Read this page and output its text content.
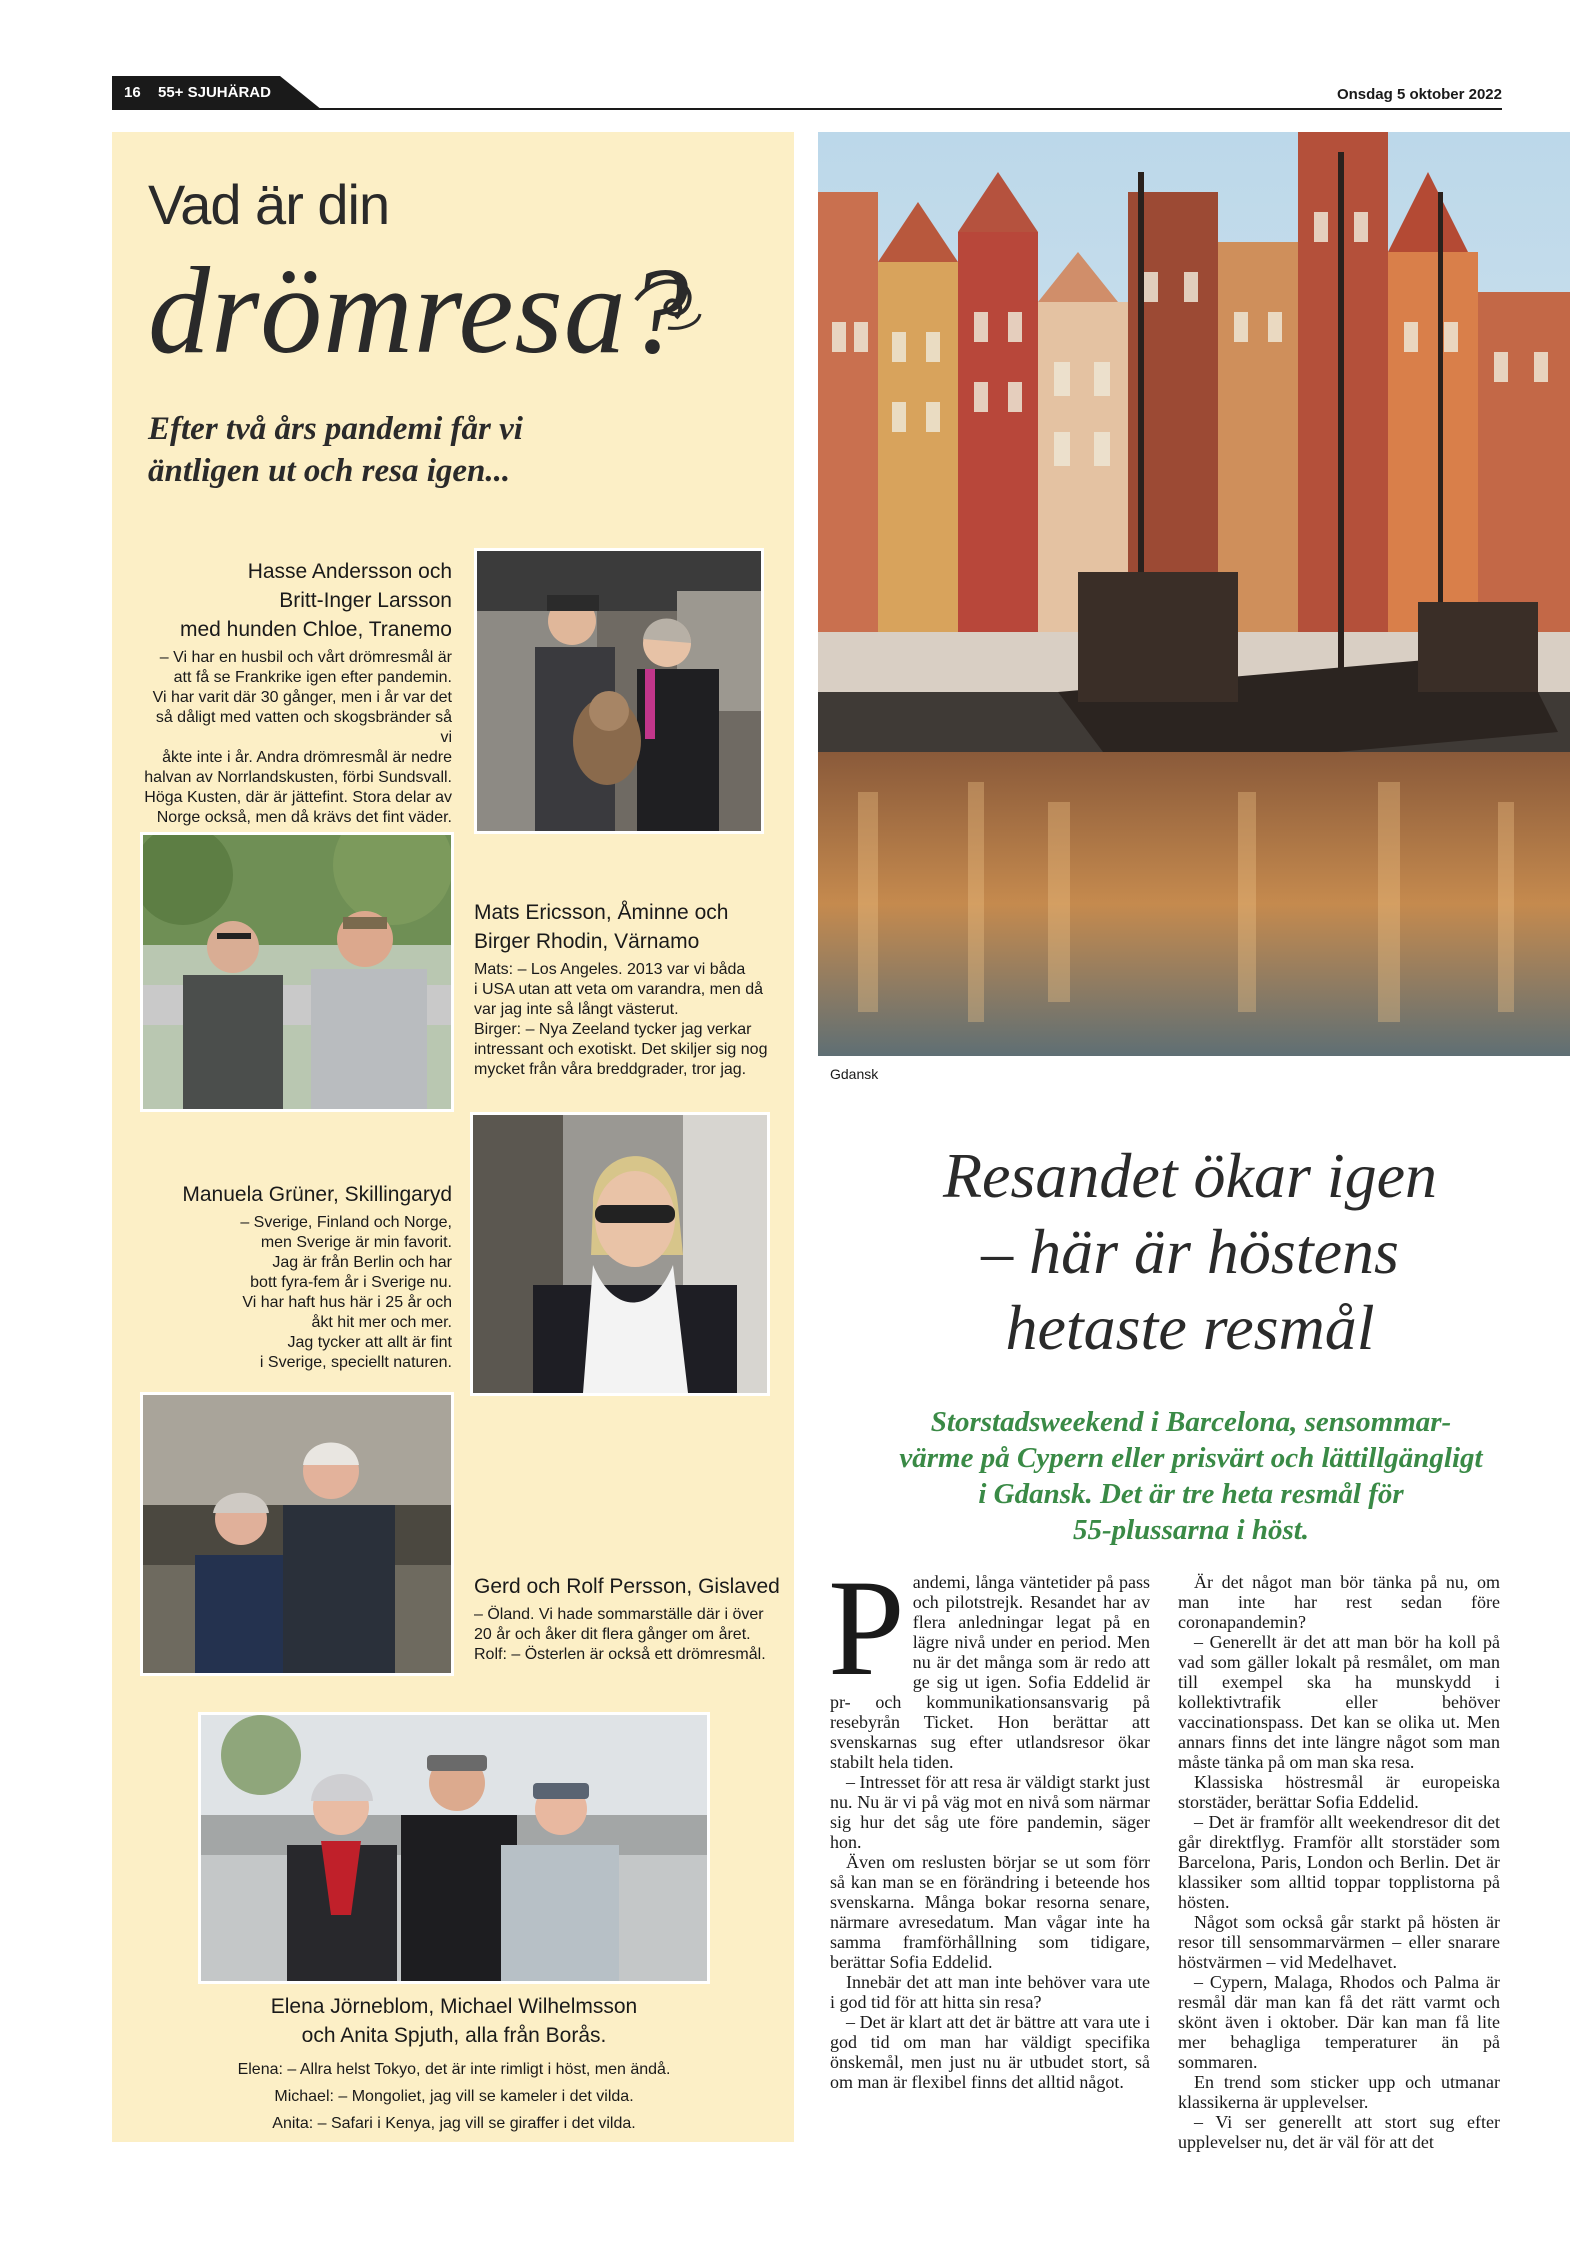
16 55+ SJUHÄRAD	Onsdag 5 oktober 2022
Vad är din
drömresa?
Efter två års pandemi får vi
äntligen ut och resa igen...
Hasse Andersson och
Britt-Inger Larsson
med hunden Chloe, Tranemo
– Vi har en husbil och vårt drömresmål är
att få se Frankrike igen efter pandemin.
Vi har varit där 30 gånger, men i år var det
så dåligt med vatten och skogsbränder så vi
åkte inte i år. Andra drömresmål är nedre
halvan av Norrlandskusten, förbi Sundsvall.
Höga Kusten, där är jättefint. Stora delar av
Norge också, men då krävs det fint väder.
Mats Ericsson, Åminne och
Birger Rhodin, Värnamo
Mats: – Los Angeles. 2013 var vi båda
i USA utan att veta om varandra, men då
var jag inte så långt västerut.
Birger: – Nya Zeeland tycker jag verkar
intressant och exotiskt. Det skiljer sig nog
mycket från våra breddgrader, tror jag.
Manuela Grüner, Skillingaryd
– Sverige, Finland och Norge,
men Sverige är min favorit.
Jag är från Berlin och har
bott fyra-fem år i Sverige nu.
Vi har haft hus här i 25 år och
åkt hit mer och mer.
Jag tycker att allt är fint
i Sverige, speciellt naturen.
Gerd och Rolf Persson, Gislaved
– Öland. Vi hade sommarställe där i över
20 år och åker dit flera gånger om året.
Rolf: – Österlen är också ett drömresmål.
Elena Jörneblom, Michael Wilhelmsson
och Anita Spjuth, alla från Borås.
Elena: – Allra helst Tokyo, det är inte rimligt i höst, men ändå.
Michael: – Mongoliet, jag vill se kameler i det vilda.
Anita: – Safari i Kenya, jag vill se giraffer i det vilda.
Gdansk
Resandet ökar igen
– här är höstens
hetaste resmål
Storstadsweekend i Barcelona, sensommar-
värme på Cypern eller prisvärt och lättillgängligt
i Gdansk. Det är tre heta resmål för
55-plussarna i höst.
P andemi, långa väntetider på pass och pilotstrejk. Resandet har av flera anledningar legat på en lägre nivå under en period. Men nu är det många som är redo att ge sig ut igen. Sofia Eddelid är pr- och kommunikationsansvarig på resebyrån Ticket. Hon berättar att svenskarnas sug efter utlandsresor ökar stabilt hela tiden.

– Intresset för att resa är väldigt starkt just nu. Nu är vi på väg mot en nivå som närmar sig hur det såg ute före pandemin, säger hon.

Även om reslusten börjar se ut som förr så kan man se en förändring i beteende hos svenskarna. Många bokar resorna senare, närmare avresedatum. Man vågar inte ha samma framförhållning som tidigare, berättar Sofia Eddelid.

Innebär det att man inte behöver vara ute i god tid för att hitta sin resa?

– Det är klart att det är bättre att vara ute i god tid om man har väldigt specifika önskemål, men just nu är utbudet stort, så om man är flexibel finns det alltid något.

Är det något man bör tänka på nu, om man inte har rest sedan före coronapandemin?

– Generellt är det att man bör ha koll på vad som gäller lokalt på resmålet, om man till exempel ska ha munskydd i kollektivtrafik eller behöver vaccinationspass. Det kan se olika ut. Men annars finns det inte längre något som man måste tänka på om man ska resa.

Klassiska höstresmål är europeiska storstäder, berättar Sofia Eddelid.

– Det är framför allt weekendresor dit det går direktflyg. Framför allt storstäder som Barcelona, Paris, London och Berlin. Det är klassiker som alltid toppar topplistorna på hösten.

Något som också går starkt på hösten är resor till sensommarvärmen – eller snarare höstvärmen – vid Medelhavet.

– Cypern, Malaga, Rhodos och Palma är resmål där man kan få det rätt varmt och skönt även i oktober. Där kan man få lite mer behagliga temperaturer än på sommaren.

En trend som sticker upp och utmanar klassikerna är upplevelser.

– Vi ser generellt att stort sug efter upplevelser nu, det är väl för att det
